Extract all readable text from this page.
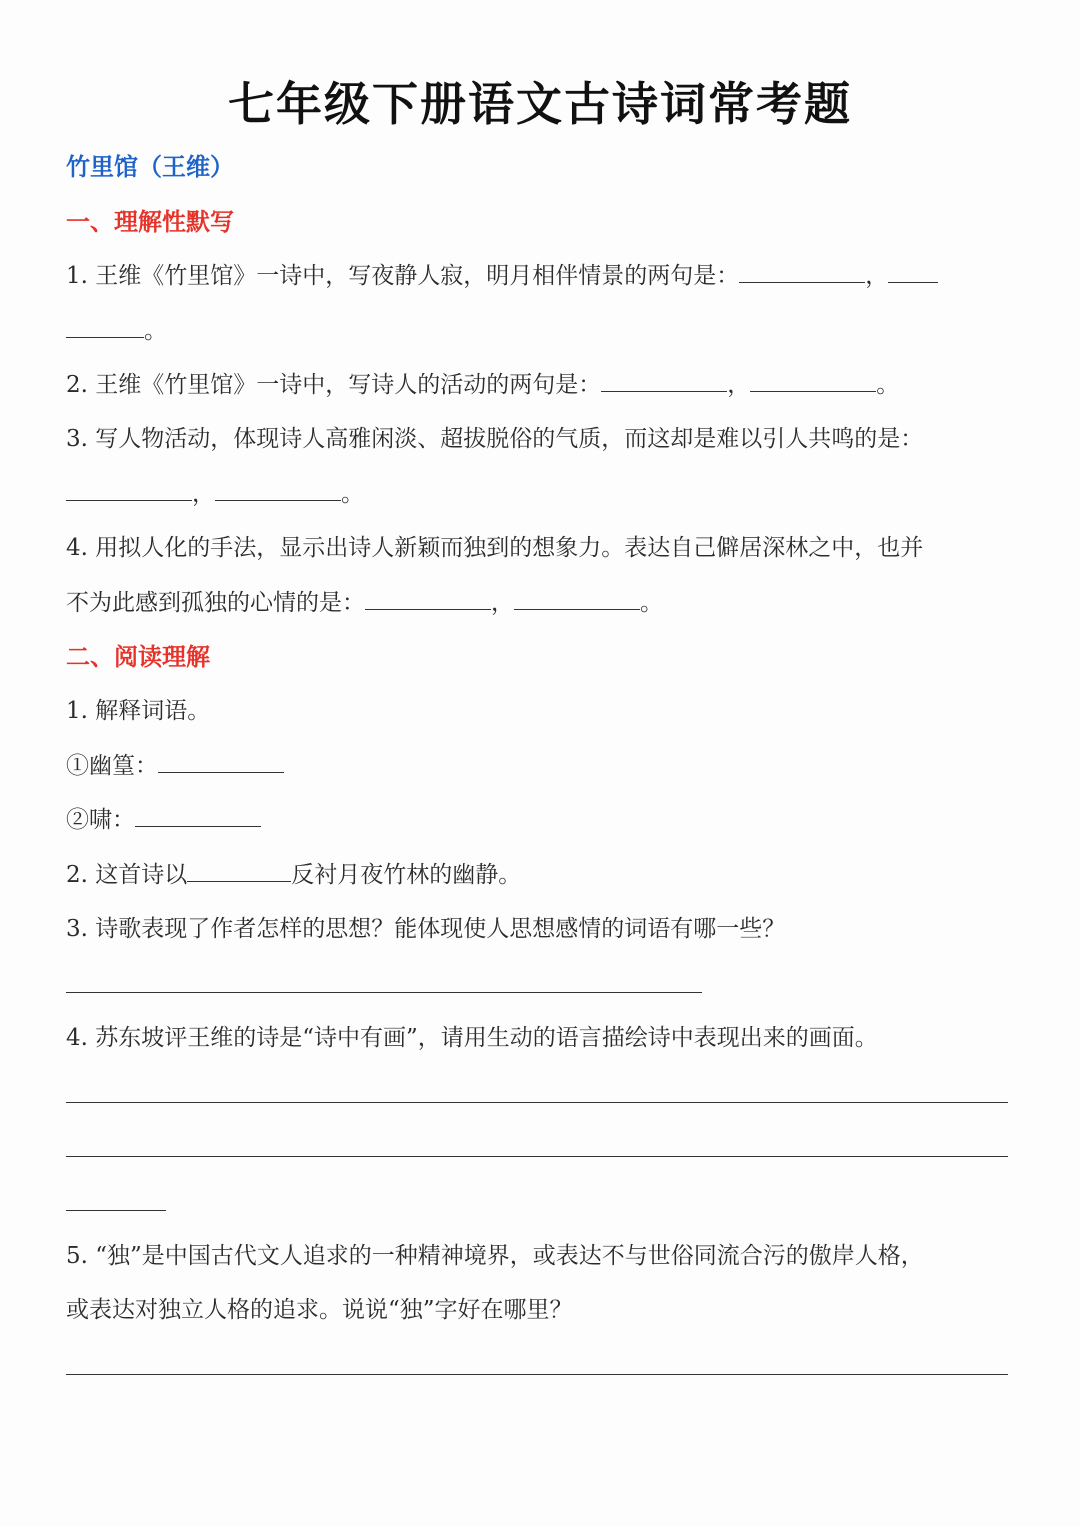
七年级下册语文古诗词常考题
竹里馆（王维）
一、理解性默写
1. 王维《竹里馆》一诗中，写夜静人寂，明月相伴情景的两句是：	，
。
2. 王维《竹里馆》一诗中，写诗人的活动的两句是：	，	。
3. 写人物活动，体现诗人高雅闲淡、超拔脱俗的气质，而这却是难以引人共鸣的是：
，	。
4. 用拟人化的手法，显示出诗人新颖而独到的想象力。表达自己僻居深林之中，也并
不为此感到孤独的心情的是：	，	。
二、阅读理解
1. 解释词语。
①幽篁：
②啸：
2. 这首诗以	反衬月夜竹林的幽静。
3. 诗歌表现了作者怎样的思想？能体现使人思想感情的词语有哪一些？
4. 苏东坡评王维的诗是“诗中有画”，请用生动的语言描绘诗中表现出来的画面。
5. “独”是中国古代文人追求的一种精神境界，或表达不与世俗同流合污的傲岸人格，
或表达对独立人格的追求。说说“独”字好在哪里？
